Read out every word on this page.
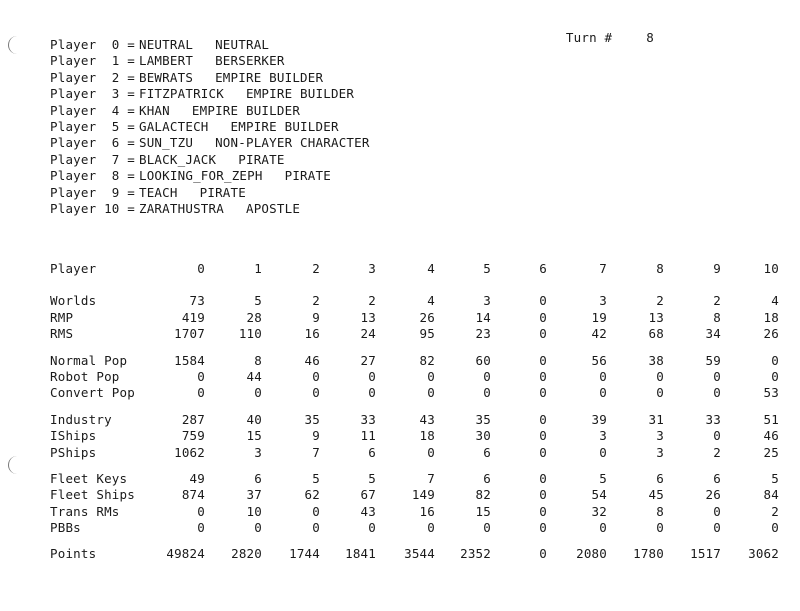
Turn #	8

Player  0 = NEUTRAL NEUTRAL
Player  1 = LAMBERT BERSERKER
Player  2 = BEWRATS EMPIRE BUILDER
Player  3 = FITZPATRICK EMPIRE BUILDER
Player  4 = KHAN EMPIRE BUILDER
Player  5 = GALACTECH EMPIRE BUILDER
Player  6 = SUN_TZU NON-PLAYER CHARACTER
Player  7 = BLACK_JACK PIRATE
Player  8 = LOOKING_FOR_ZEPH PIRATE
Player  9 = TEACH PIRATE
Player 10 = ZARATHUSTRA APOSTLE
Player	0	1	2	3	4	5	6	7	8	9	10
Worlds	73	5	2	2	4	3	0	3	2	2	4
RMP	419	28	9	13	26	14	0	19	13	8	18
RMS	1707	110	16	24	95	23	0	42	68	34	26
Normal Pop	1584	8	46	27	82	60	0	56	38	59	0
Robot Pop	0	44	0	0	0	0	0	0	0	0	0
Convert Pop	0	0	0	0	0	0	0	0	0	0	53
Industry	287	40	35	33	43	35	0	39	31	33	51
IShips	759	15	9	11	18	30	0	3	3	0	46
PShips	1062	3	7	6	0	6	0	0	3	2	25
Fleet Keys	49	6	5	5	7	6	0	5	6	6	5
Fleet Ships	874	37	62	67	149	82	0	54	45	26	84
Trans RMs	0	10	0	43	16	15	0	32	8	0	2
PBBs	0	0	0	0	0	0	0	0	0	0	0
Points	49824	2820	1744	1841	3544	2352	0	2080	1780	1517	3062
